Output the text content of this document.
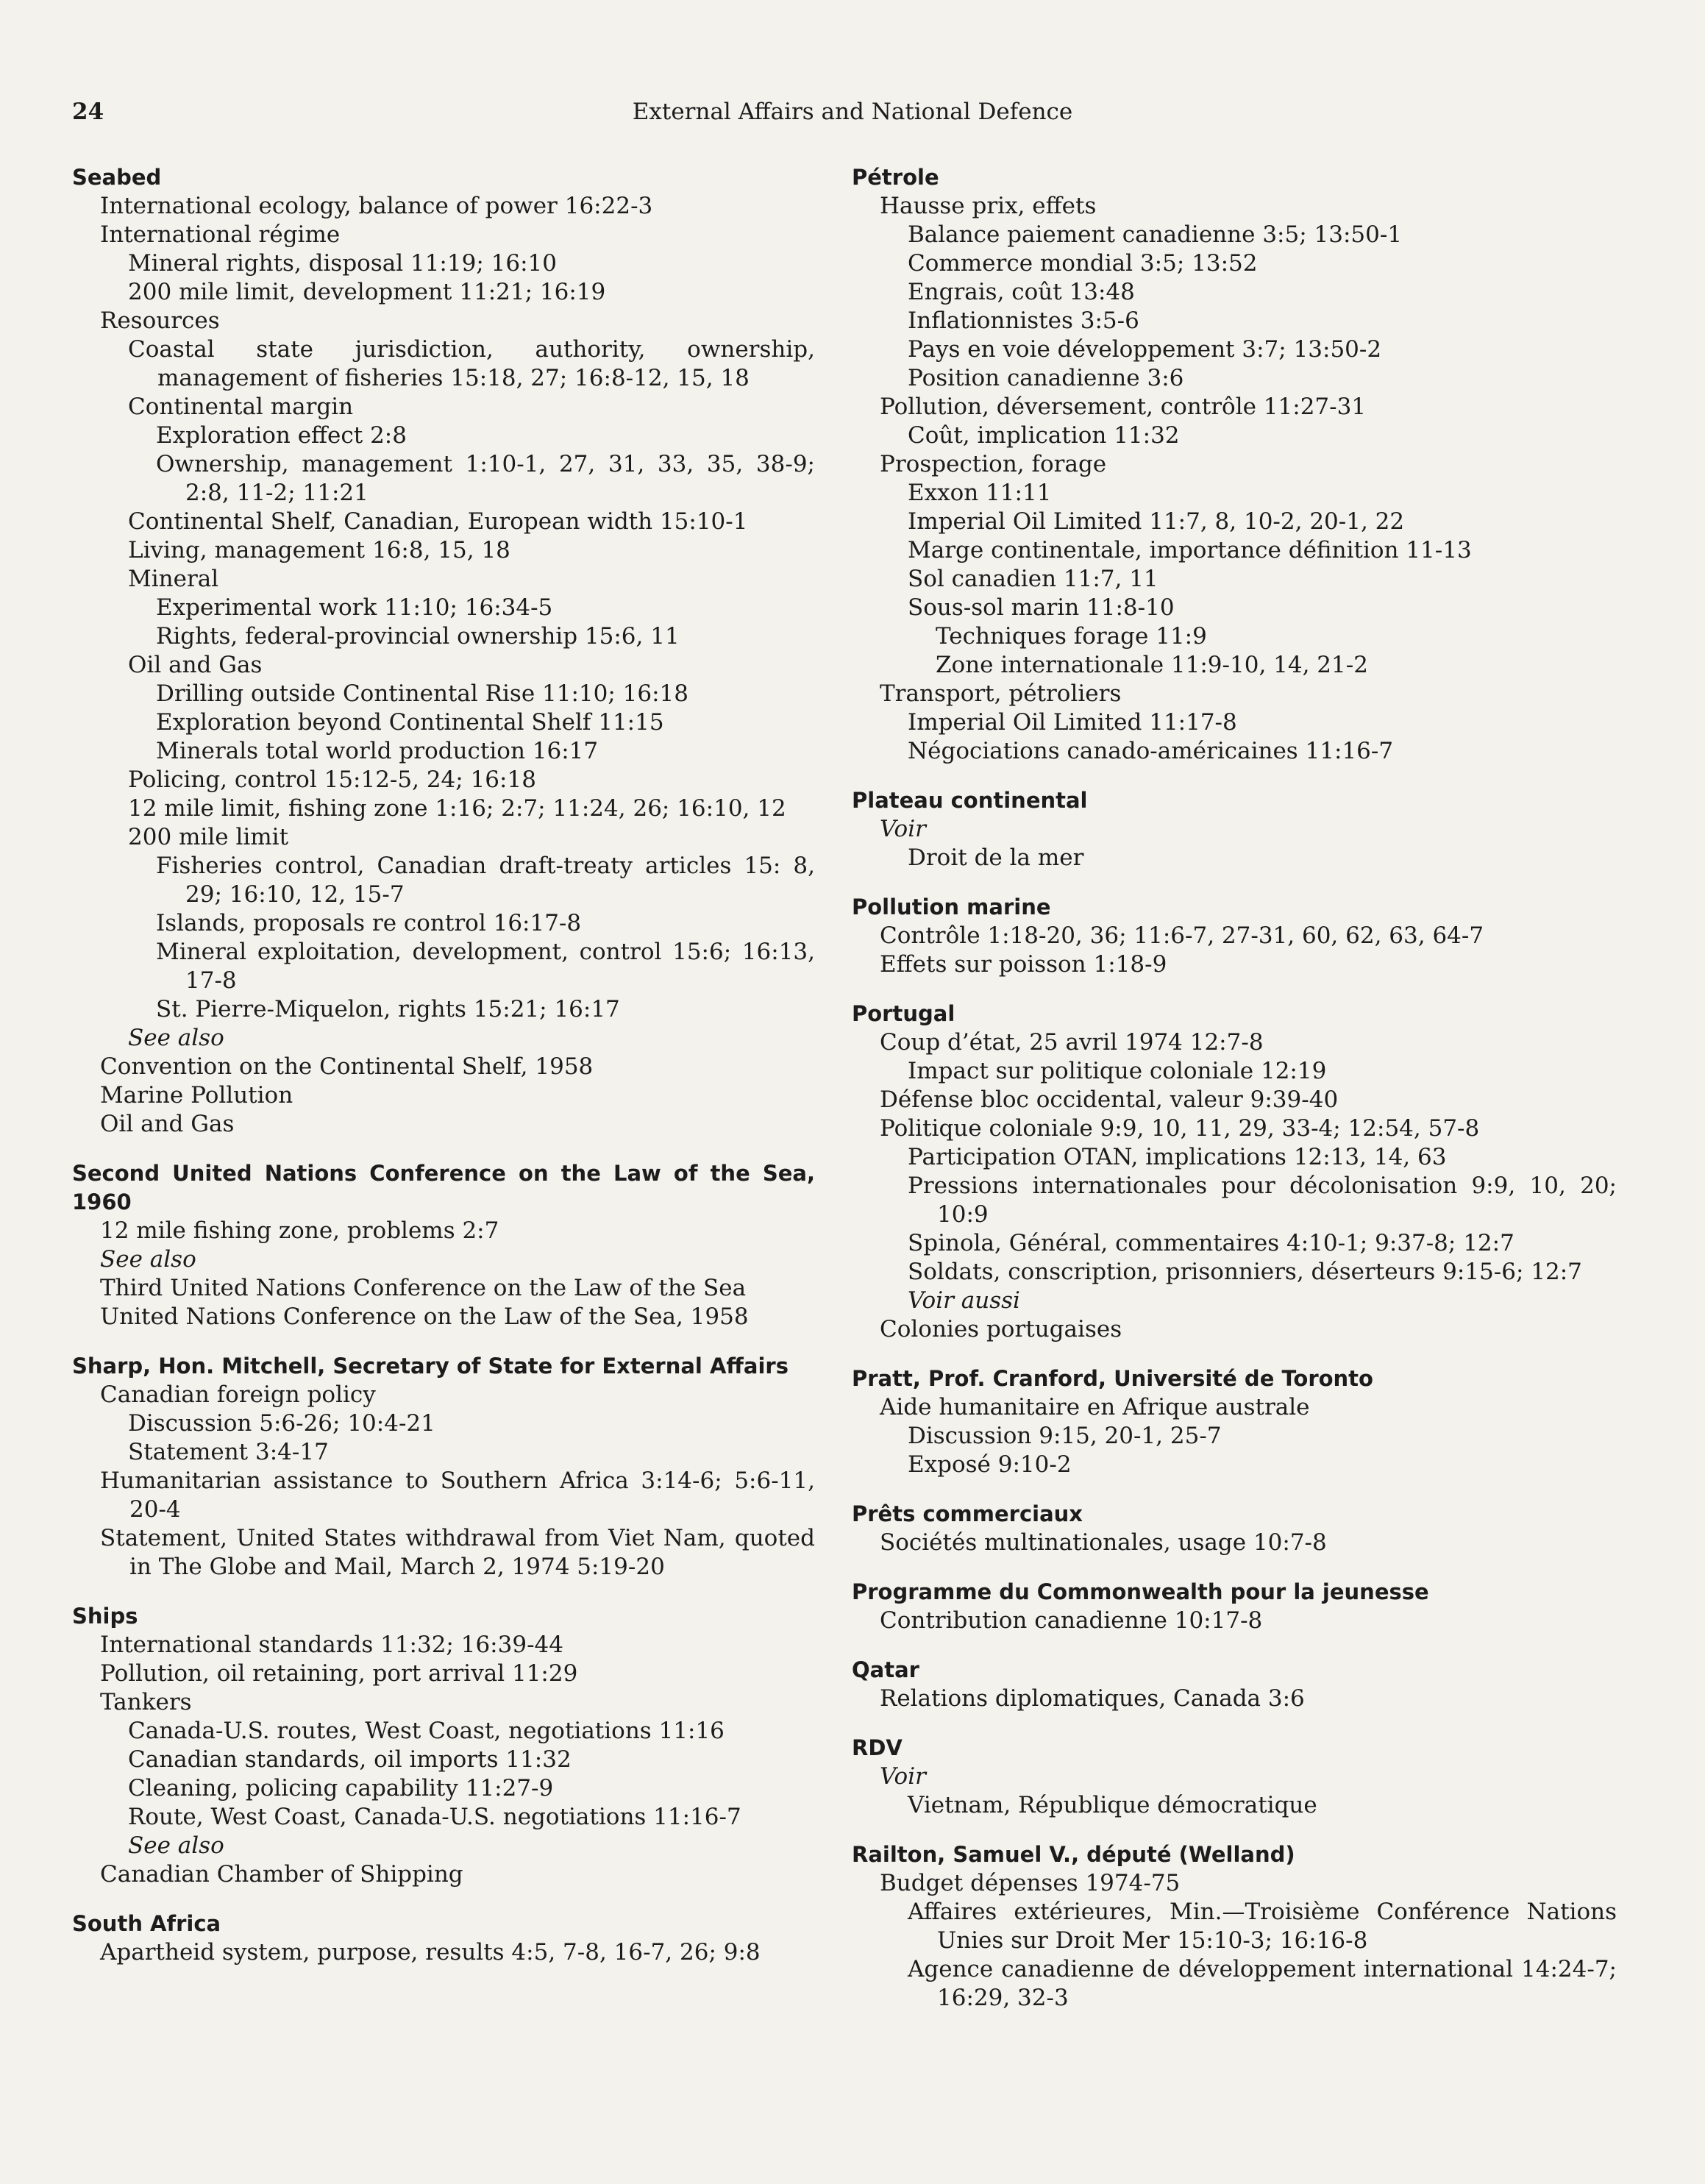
24	External Affairs and National Defence
Seabed
International ecology, balance of power 16:22-3
International régime
Mineral rights, disposal 11:19; 16:10
200 mile limit, development 11:21; 16:19
Resources
Coastal state jurisdiction, authority, ownership, management of fisheries 15:18, 27; 16:8-12, 15, 18
Continental margin
Exploration effect 2:8
Ownership, management 1:10-1, 27, 31, 33, 35, 38-9; 2:8, 11-2; 11:21
Continental Shelf, Canadian, European width 15:10-1
Living, management 16:8, 15, 18
Mineral
Experimental work 11:10; 16:34-5
Rights, federal-provincial ownership 15:6, 11
Oil and Gas
Drilling outside Continental Rise 11:10; 16:18
Exploration beyond Continental Shelf 11:15
Minerals total world production 16:17
Policing, control 15:12-5, 24; 16:18
12 mile limit, fishing zone 1:16; 2:7; 11:24, 26; 16:10, 12
200 mile limit
Fisheries control, Canadian draft-treaty articles 15: 8, 29; 16:10, 12, 15-7
Islands, proposals re control 16:17-8
Mineral exploitation, development, control 15:6; 16:13, 17-8
St. Pierre-Miquelon, rights 15:21; 16:17
See also
Convention on the Continental Shelf, 1958
Marine Pollution
Oil and Gas
Second United Nations Conference on the Law of the Sea, 1960
12 mile fishing zone, problems 2:7
See also
Third United Nations Conference on the Law of the Sea
United Nations Conference on the Law of the Sea, 1958
Sharp, Hon. Mitchell, Secretary of State for External Affairs
Canadian foreign policy
Discussion 5:6-26; 10:4-21
Statement 3:4-17
Humanitarian assistance to Southern Africa 3:14-6; 5:6-11, 20-4
Statement, United States withdrawal from Viet Nam, quoted in The Globe and Mail, March 2, 1974 5:19-20
Ships
International standards 11:32; 16:39-44
Pollution, oil retaining, port arrival 11:29
Tankers
Canada-U.S. routes, West Coast, negotiations 11:16
Canadian standards, oil imports 11:32
Cleaning, policing capability 11:27-9
Route, West Coast, Canada-U.S. negotiations 11:16-7
See also
Canadian Chamber of Shipping
South Africa
Apartheid system, purpose, results 4:5, 7-8, 16-7, 26; 9:8
Pétrole
Hausse prix, effets
Balance paiement canadienne 3:5; 13:50-1
Commerce mondial 3:5; 13:52
Engrais, coût 13:48
Inflationnistes 3:5-6
Pays en voie développement 3:7; 13:50-2
Position canadienne 3:6
Pollution, déversement, contrôle 11:27-31
Coût, implication 11:32
Prospection, forage
Exxon 11:11
Imperial Oil Limited 11:7, 8, 10-2, 20-1, 22
Marge continentale, importance définition 11-13
Sol canadien 11:7, 11
Sous-sol marin 11:8-10
Techniques forage 11:9
Zone internationale 11:9-10, 14, 21-2
Transport, pétroliers
Imperial Oil Limited 11:17-8
Négociations canado-américaines 11:16-7
Plateau continental
Voir
Droit de la mer
Pollution marine
Contrôle 1:18-20, 36; 11:6-7, 27-31, 60, 62, 63, 64-7
Effets sur poisson 1:18-9
Portugal
Coup d’état, 25 avril 1974 12:7-8
Impact sur politique coloniale 12:19
Défense bloc occidental, valeur 9:39-40
Politique coloniale 9:9, 10, 11, 29, 33-4; 12:54, 57-8
Participation OTAN, implications 12:13, 14, 63
Pressions internationales pour décolonisation 9:9, 10, 20; 10:9
Spinola, Général, commentaires 4:10-1; 9:37-8; 12:7
Soldats, conscription, prisonniers, déserteurs 9:15-6; 12:7
Voir aussi
Colonies portugaises
Pratt, Prof. Cranford, Université de Toronto
Aide humanitaire en Afrique australe
Discussion 9:15, 20-1, 25-7
Exposé 9:10-2
Prêts commerciaux
Sociétés multinationales, usage 10:7-8
Programme du Commonwealth pour la jeunesse
Contribution canadienne 10:17-8
Qatar
Relations diplomatiques, Canada 3:6
RDV
Voir
Vietnam, République démocratique
Railton, Samuel V., député (Welland)
Budget dépenses 1974-75
Affaires extérieures, Min.—Troisième Conférence Nations Unies sur Droit Mer 15:10-3; 16:16-8
Agence canadienne de développement international 14:24-7; 16:29, 32-3
